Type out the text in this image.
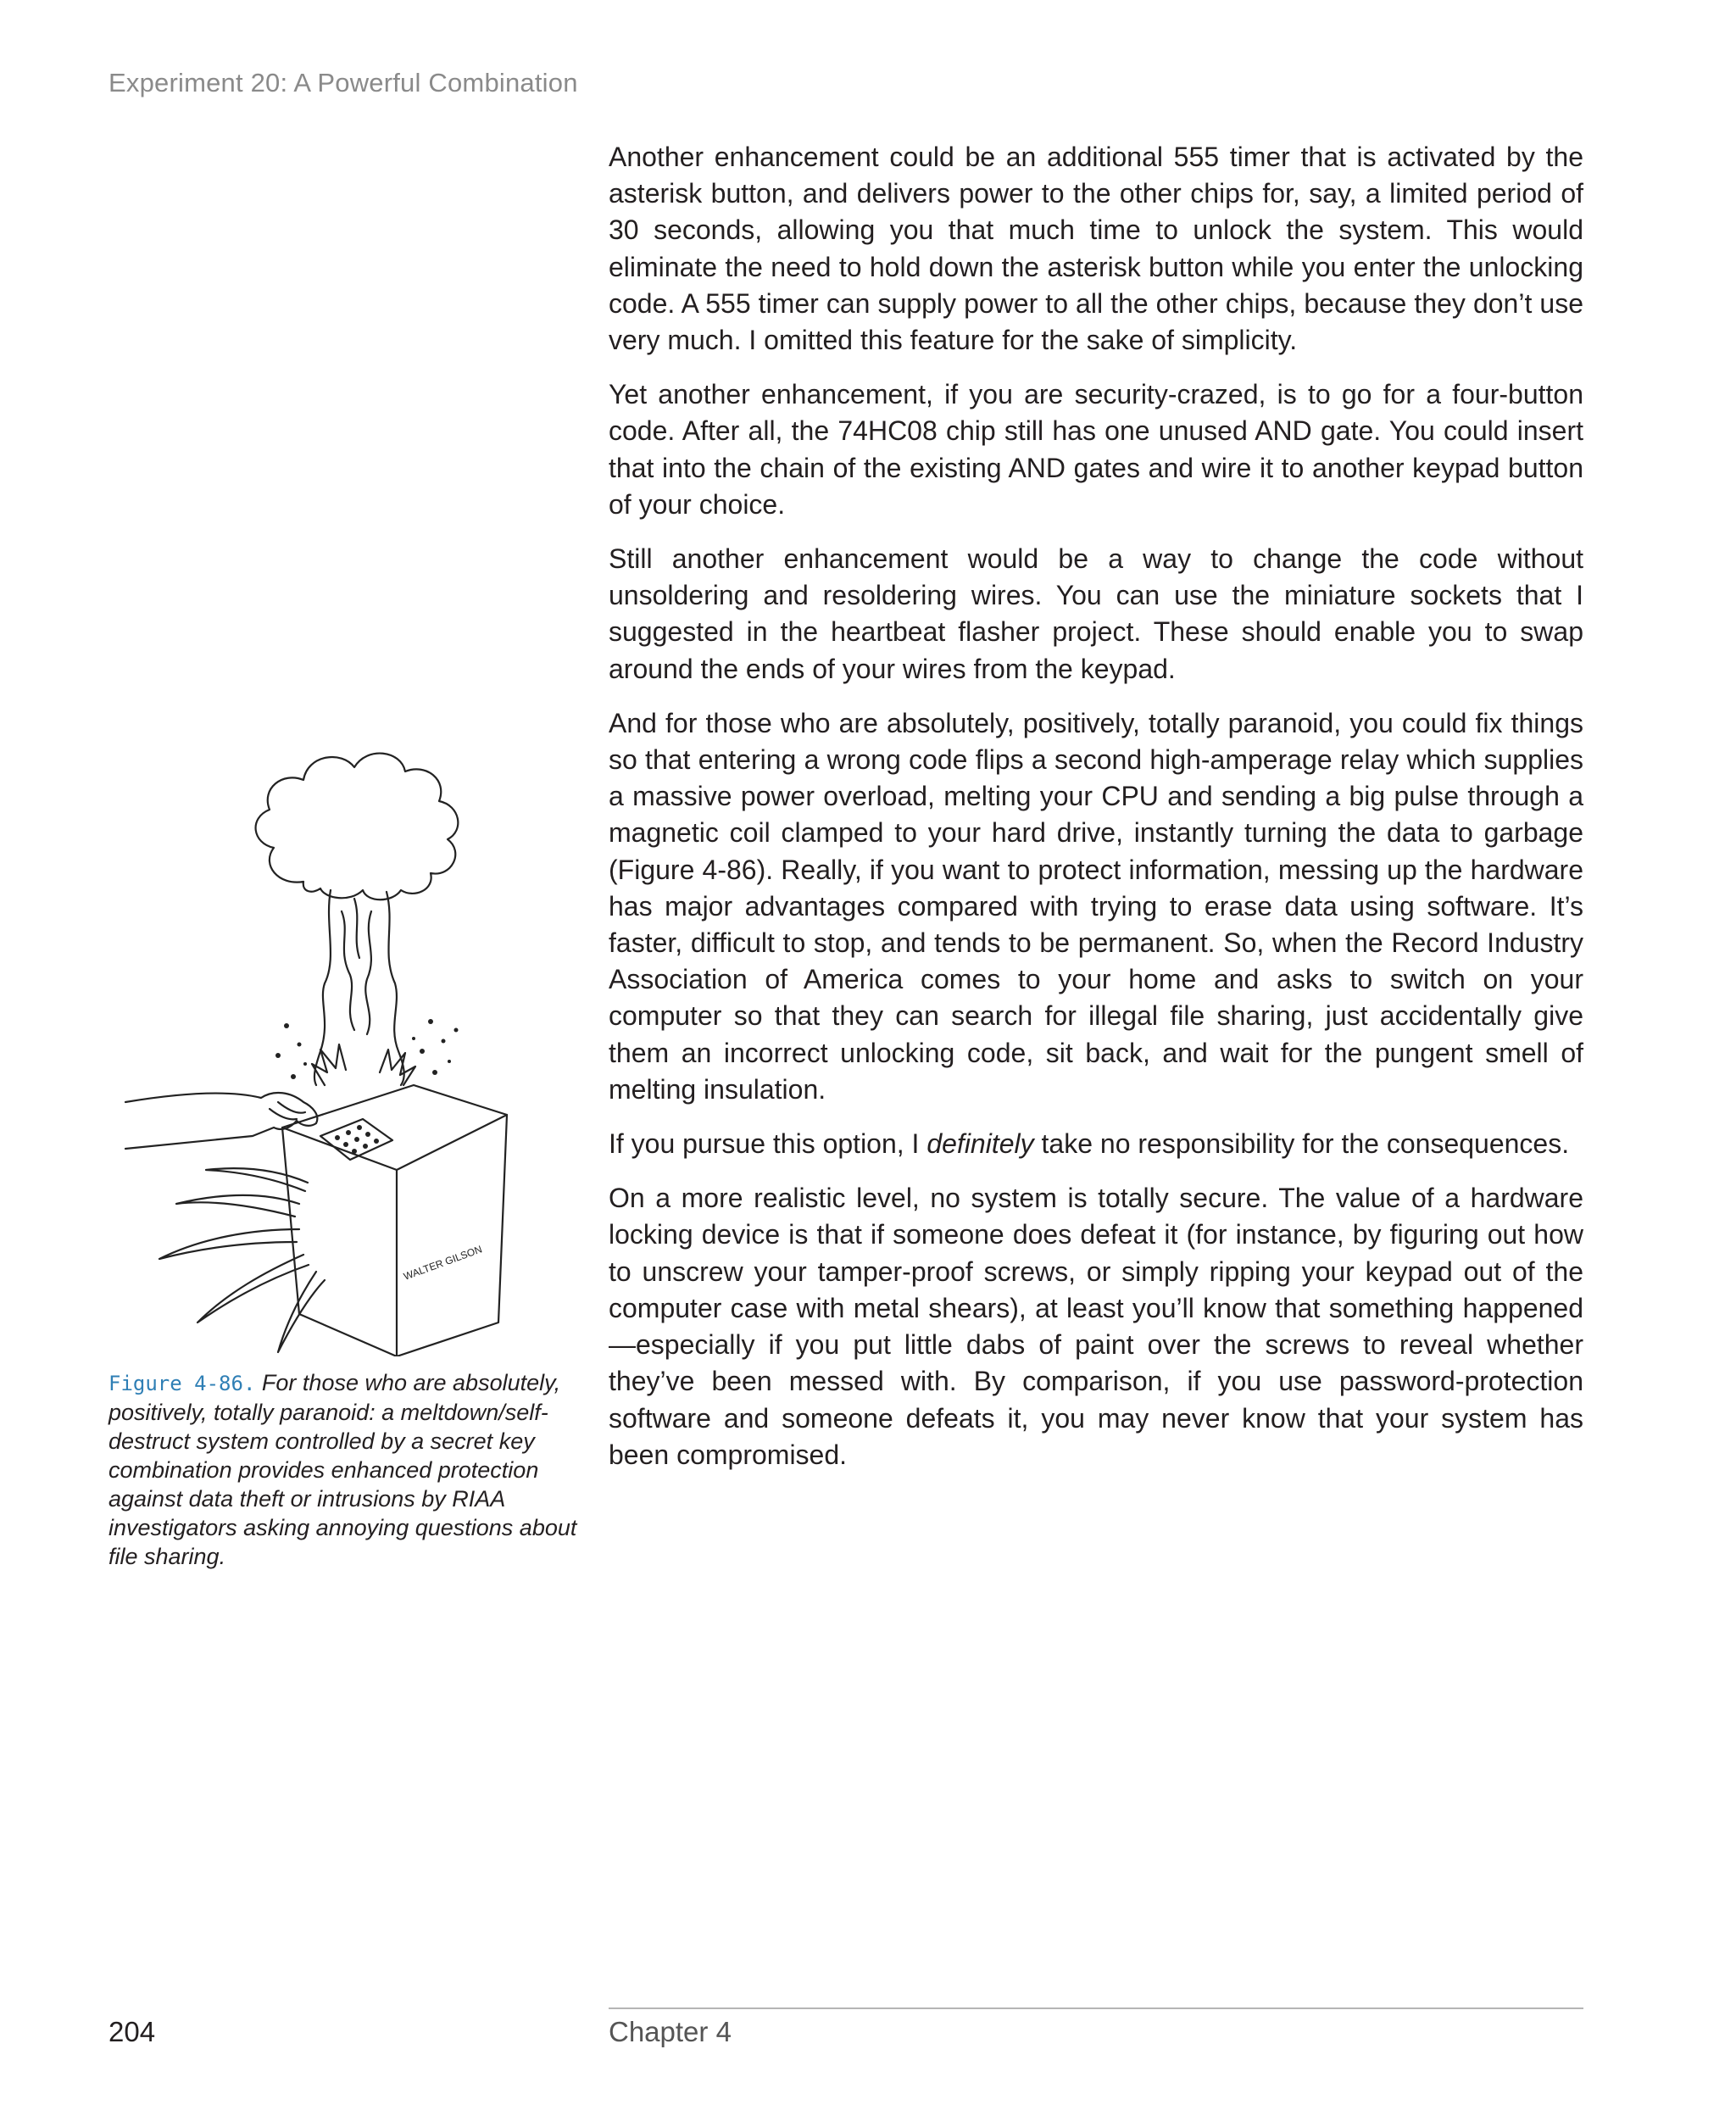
Experiment 20: A Powerful Combination

Another enhancement could be an additional 555 timer that is activated by the asterisk button, and delivers power to the other chips for, say, a limited period of 30 seconds, allowing you that much time to unlock the system. This would eliminate the need to hold down the asterisk button while you enter the unlocking code. A 555 timer can supply power to all the other chips, because they don’t use very much. I omitted this feature for the sake of simplicity.

Yet another enhancement, if you are security-crazed, is to go for a four-button code. After all, the 74HC08 chip still has one unused AND gate. You could insert that into the chain of the existing AND gates and wire it to another keypad button of your choice.

Still another enhancement would be a way to change the code without unsoldering and resoldering wires. You can use the miniature sockets that I suggested in the heartbeat flasher project. These should enable you to swap around the ends of your wires from the keypad.

And for those who are absolutely, positively, totally paranoid, you could fix things so that entering a wrong code flips a second high-amperage relay which supplies a massive power overload, melting your CPU and sending a big pulse through a magnetic coil clamped to your hard drive, instantly turning the data to garbage (Figure 4-86). Really, if you want to protect information, messing up the hardware has major advantages compared with trying to erase data using software. It’s faster, difficult to stop, and tends to be permanent. So, when the Record Industry Association of America comes to your home and asks to switch on your computer so that they can search for illegal file sharing, just accidentally give them an incorrect unlocking code, sit back, and wait for the pungent smell of melting insulation.

If you pursue this option, I definitely take no responsibility for the consequences.

On a more realistic level, no system is totally secure. The value of a hardware locking device is that if someone does defeat it (for instance, by figuring out how to unscrew your tamper-proof screws, or simply ripping your keypad out of the computer case with metal shears), at least you’ll know that something happened—especially if you put little dabs of paint over the screws to reveal whether they’ve been messed with. By comparison, if you use password-protection software and someone defeats it, you may never know that your system has been compromised.

WALTER GILSON
Figure 4-86. For those who are absolutely, positively, totally paranoid: a meltdown/self-destruct system controlled by a secret key combination provides enhanced protection against data theft or intrusions by RIAA investigators asking annoying questions about file sharing.
204	Chapter 4
